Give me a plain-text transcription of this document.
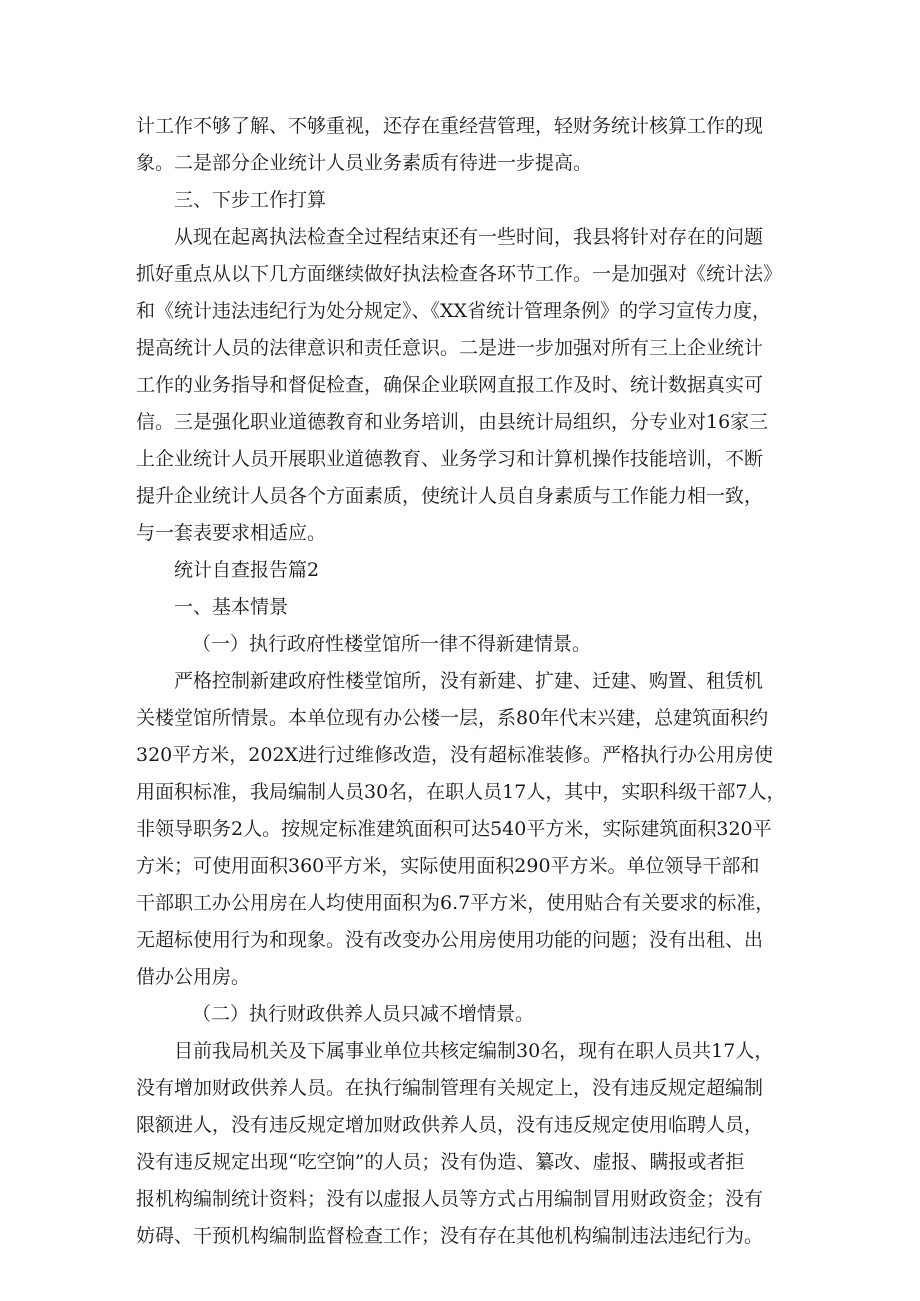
计工作不够了解、不够重视，还存在重经营管理，轻财务统计核算工作的现
象。二是部分企业统计人员业务素质有待进一步提高。
三、下步工作打算
从现在起离执法检查全过程结束还有一些时间，我县将针对存在的问题
抓好重点从以下几方面继续做好执法检查各环节工作。一是加强对《统计法》
和《统计违法违纪行为处分规定》、《XX省统计管理条例》的学习宣传力度，
提高统计人员的法律意识和责任意识。二是进一步加强对所有三上企业统计
工作的业务指导和督促检查，确保企业联网直报工作及时、统计数据真实可
信。三是强化职业道德教育和业务培训，由县统计局组织，分专业对16家三
上企业统计人员开展职业道德教育、业务学习和计算机操作技能培训，不断
提升企业统计人员各个方面素质，使统计人员自身素质与工作能力相一致，
与一套表要求相适应。
统计自查报告篇2
一、基本情景
（一）执行政府性楼堂馆所一律不得新建情景。
严格控制新建政府性楼堂馆所，没有新建、扩建、迁建、购置、租赁机
关楼堂馆所情景。本单位现有办公楼一层，系80年代末兴建，总建筑面积约
320平方米，202X进行过维修改造，没有超标准装修。严格执行办公用房使
用面积标准，我局编制人员30名，在职人员17人，其中，实职科级干部7人，
非领导职务2人。按规定标准建筑面积可达540平方米，实际建筑面积320平
方米；可使用面积360平方米，实际使用面积290平方米。单位领导干部和
干部职工办公用房在人均使用面积为6.7平方米，使用贴合有关要求的标准，
无超标使用行为和现象。没有改变办公用房使用功能的问题；没有出租、出
借办公用房。
（二）执行财政供养人员只减不增情景。
目前我局机关及下属事业单位共核定编制30名，现有在职人员共17人，
没有增加财政供养人员。在执行编制管理有关规定上，没有违反规定超编制
限额进人，没有违反规定增加财政供养人员，没有违反规定使用临聘人员，
没有违反规定出现“吃空饷”的人员；没有伪造、纂改、虚报、瞒报或者拒
报机构编制统计资料；没有以虚报人员等方式占用编制冒用财政资金；没有
妨碍、干预机构编制监督检查工作；没有存在其他机构编制违法违纪行为。
